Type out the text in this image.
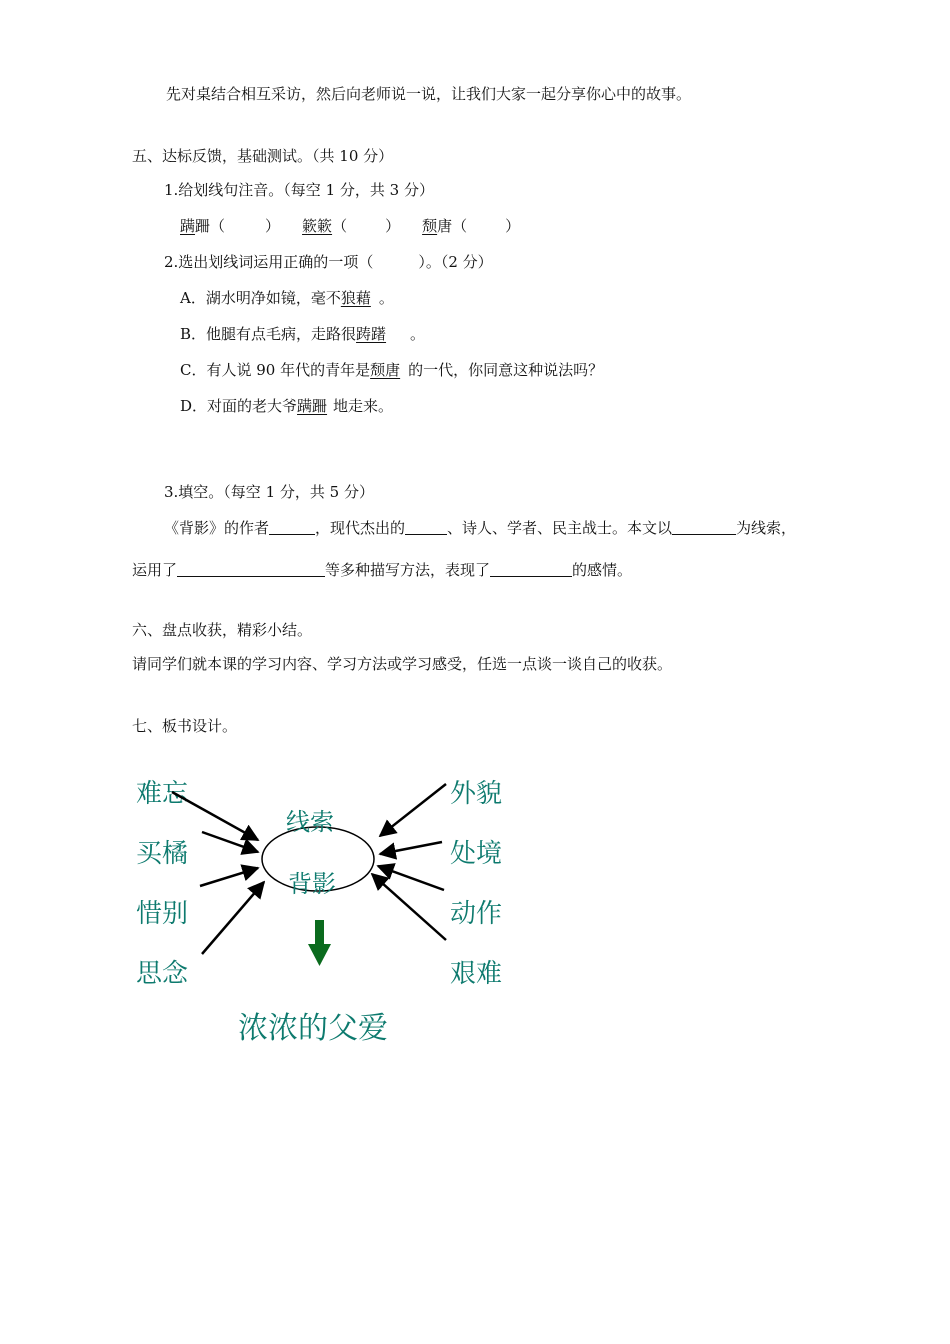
先对桌结合相互采访，然后向老师说一说，让我们大家一起分享你心中的故事。
五、达标反馈，基础测试。（共 10 分）
1.给划线句注音。（每空 1 分，共 3 分）
蹒跚（	） 簌簌（	） 颓唐（	）
2.选出划线词运用正确的一项（　　　）。（2 分）
A．湖水明净如镜，毫不狼藉 。
B．他腿有点毛病，走路很踌躇 。
C．有人说 90 年代的青年是颓唐 的一代，你同意这种说法吗？
D．对面的老大爷蹒跚 地走来。
3.填空。（每空 1 分，共 5 分）
《背影》的作者	，现代杰出的	、诗人、学者、民主战士。本文以	为线索，
运用了	等多种描写方法，表现了	的感情。
六、盘点收获，精彩小结。
请同学们就本课的学习内容、学习方法或学习感受，任选一点谈一谈自己的收获。
七、板书设计。
难忘
买橘
惜别
思念
外貌
处境
动作
艰难
线索
背影
浓浓的父爱
